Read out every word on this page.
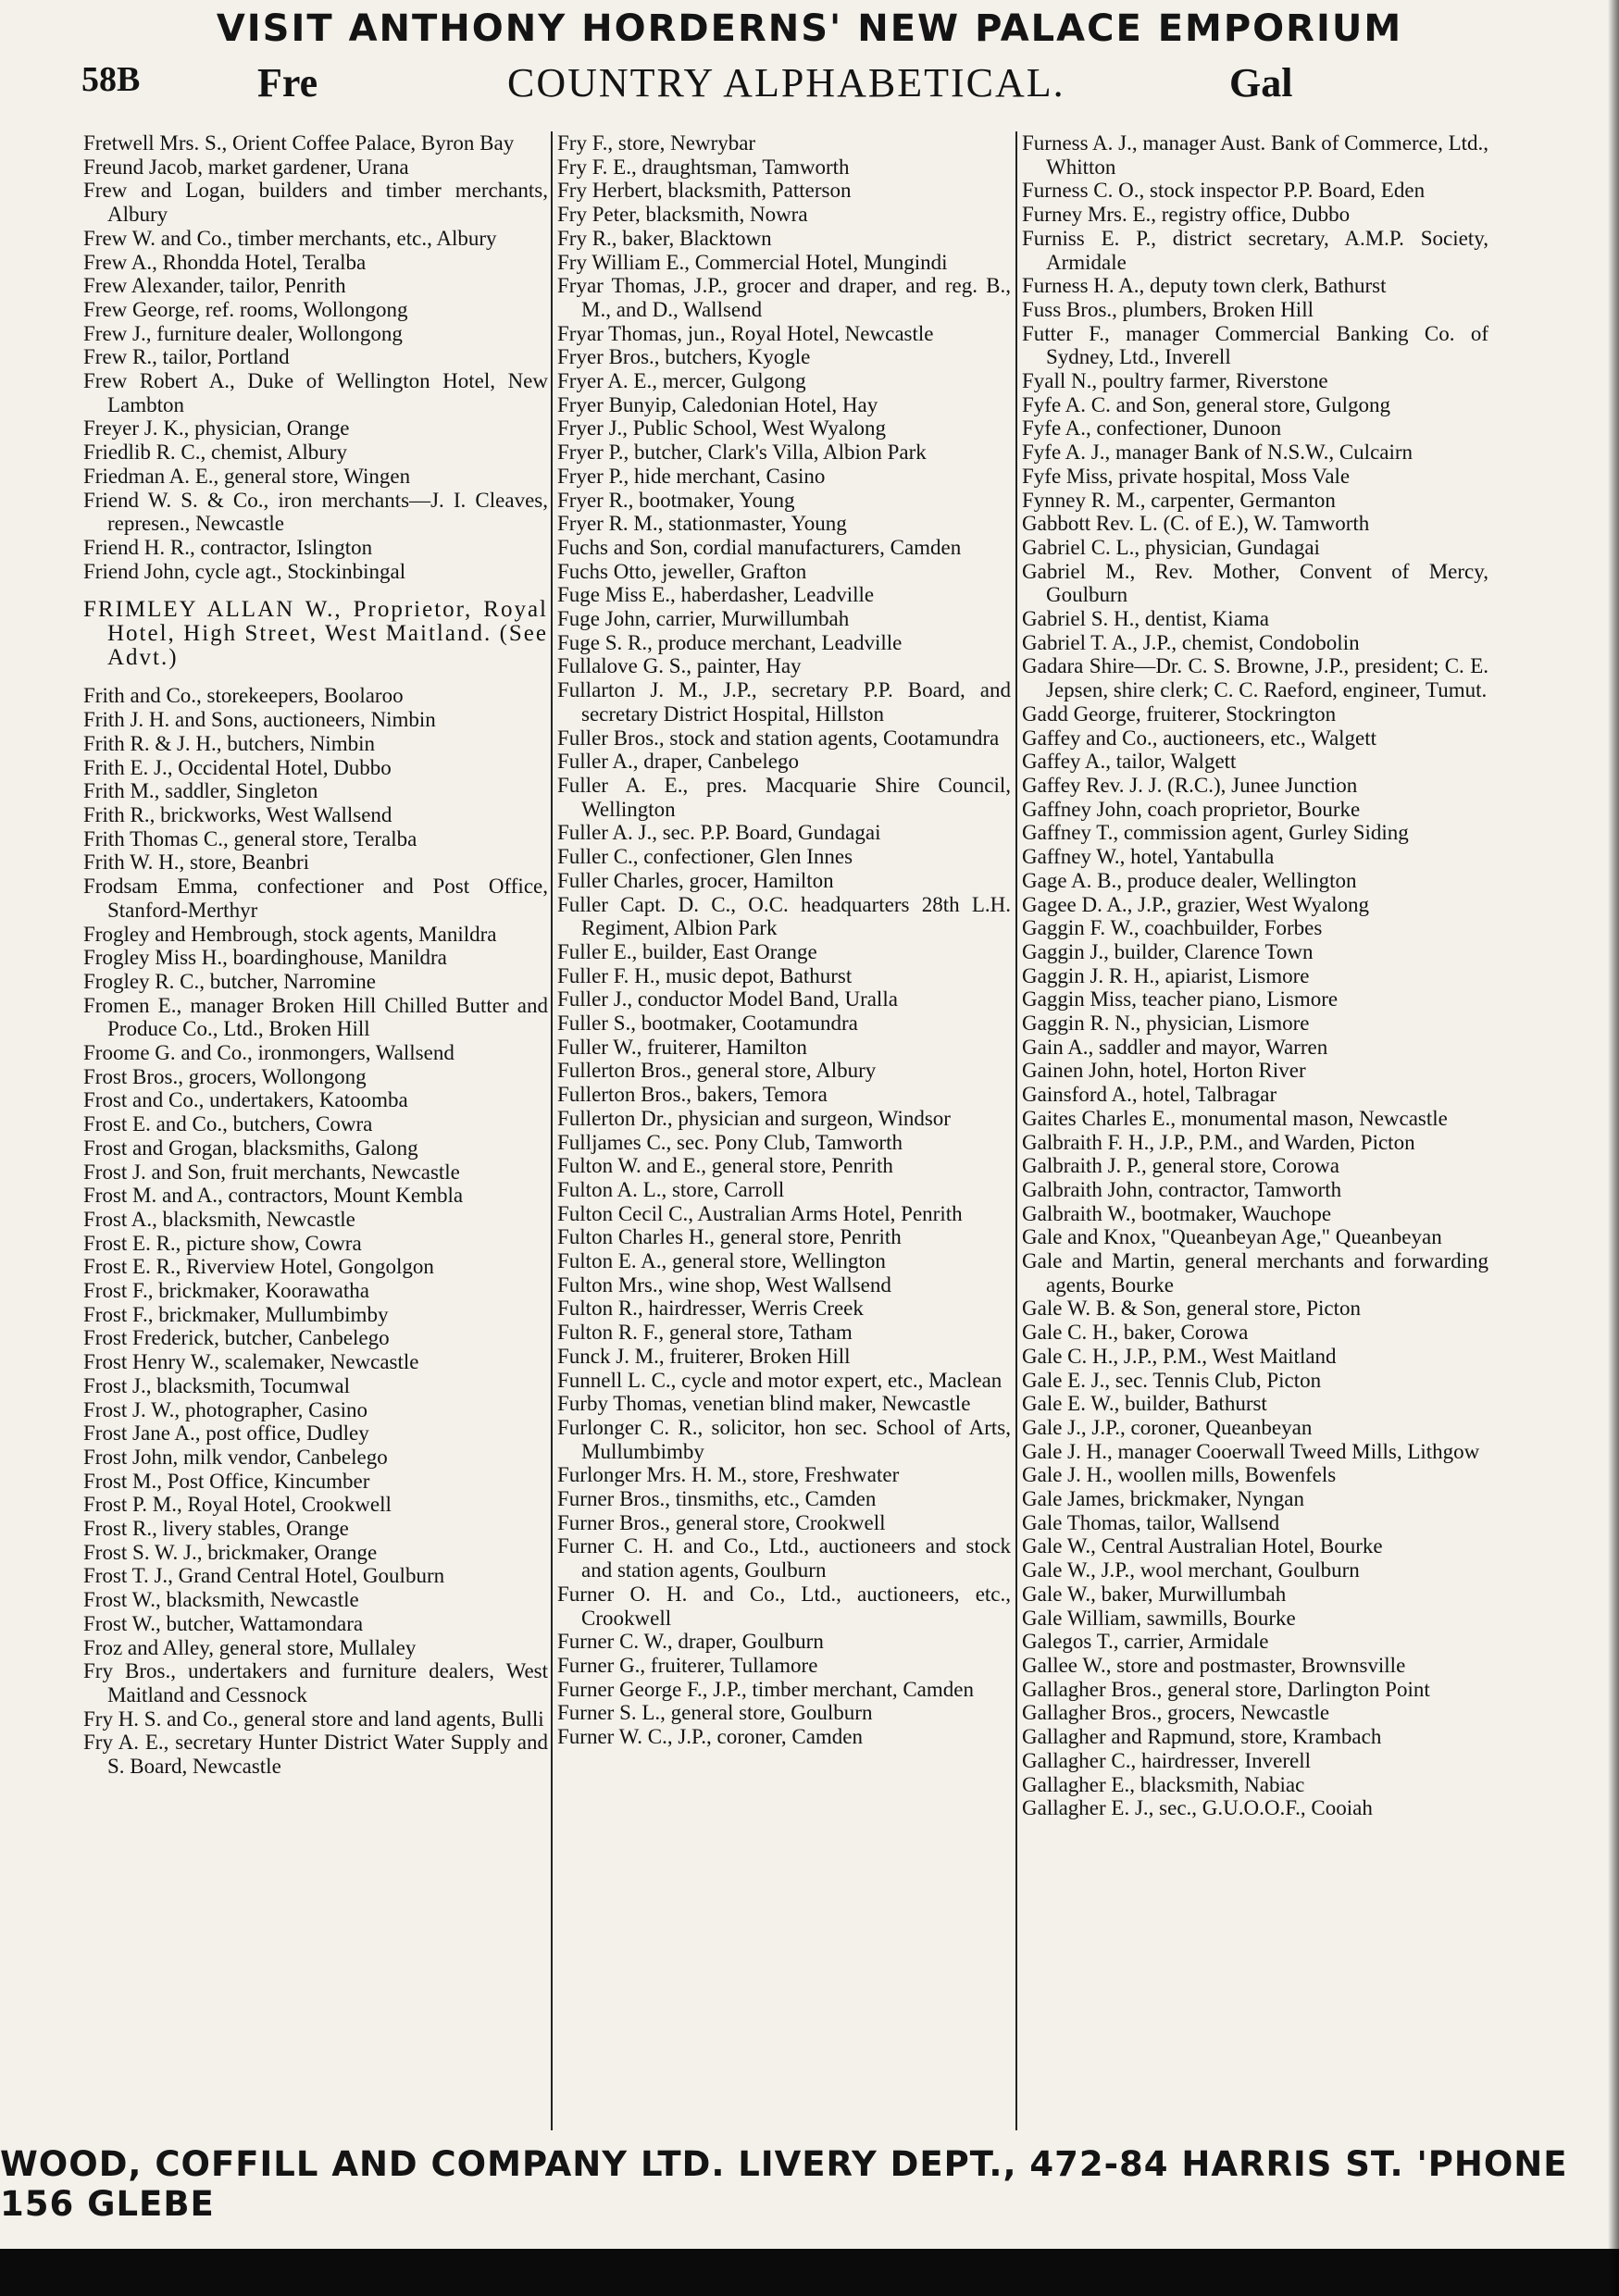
VISIT ANTHONY HORDERNS' NEW PALACE EMPORIUM
58B	Fre	COUNTRY ALPHABETICAL.	Gal

Fretwell Mrs. S., Orient Coffee Palace, Byron Bay

Freund Jacob, market gardener, Urana

Frew and Logan, builders and timber merchants, Albury

Frew W. and Co., timber merchants, etc., Albury

Frew A., Rhondda Hotel, Teralba

Frew Alexander, tailor, Penrith

Frew George, ref. rooms, Wollongong

Frew J., furniture dealer, Wollongong

Frew R., tailor, Portland

Frew Robert A., Duke of Wellington Hotel, New Lambton

Freyer J. K., physician, Orange

Friedlib R. C., chemist, Albury

Friedman A. E., general store, Wingen

Friend W. S. & Co., iron merchants—J. I. Cleaves, represen., Newcastle

Friend H. R., contractor, Islington

Friend John, cycle agt., Stockinbingal

FRIMLEY ALLAN W., Proprietor, Royal Hotel, High Street, West Maitland. (See Advt.)

Frith and Co., storekeepers, Boolaroo

Frith J. H. and Sons, auctioneers, Nimbin

Frith R. & J. H., butchers, Nimbin

Frith E. J., Occidental Hotel, Dubbo

Frith M., saddler, Singleton

Frith R., brickworks, West Wallsend

Frith Thomas C., general store, Teralba

Frith W. H., store, Beanbri

Frodsam Emma, confectioner and Post Office, Stanford-Merthyr

Frogley and Hembrough, stock agents, Manildra

Frogley Miss H., boardinghouse, Manildra

Frogley R. C., butcher, Narromine

Fromen E., manager Broken Hill Chilled Butter and Produce Co., Ltd., Broken Hill

Froome G. and Co., ironmongers, Wallsend

Frost Bros., grocers, Wollongong

Frost and Co., undertakers, Katoomba

Frost E. and Co., butchers, Cowra

Frost and Grogan, blacksmiths, Galong

Frost J. and Son, fruit merchants, Newcastle

Frost M. and A., contractors, Mount Kembla

Frost A., blacksmith, Newcastle

Frost E. R., picture show, Cowra

Frost E. R., Riverview Hotel, Gongolgon

Frost F., brickmaker, Koorawatha

Frost F., brickmaker, Mullumbimby

Frost Frederick, butcher, Canbelego

Frost Henry W., scalemaker, Newcastle

Frost J., blacksmith, Tocumwal

Frost J. W., photographer, Casino

Frost Jane A., post office, Dudley

Frost John, milk vendor, Canbelego

Frost M., Post Office, Kincumber

Frost P. M., Royal Hotel, Crookwell

Frost R., livery stables, Orange

Frost S. W. J., brickmaker, Orange

Frost T. J., Grand Central Hotel, Goulburn

Frost W., blacksmith, Newcastle

Frost W., butcher, Wattamondara

Froz and Alley, general store, Mullaley

Fry Bros., undertakers and furniture dealers, West Maitland and Cessnock

Fry H. S. and Co., general store and land agents, Bulli

Fry A. E., secretary Hunter District Water Supply and S. Board, Newcastle

Fry F., store, Newrybar

Fry F. E., draughtsman, Tamworth

Fry Herbert, blacksmith, Patterson

Fry Peter, blacksmith, Nowra

Fry R., baker, Blacktown

Fry William E., Commercial Hotel, Mungindi

Fryar Thomas, J.P., grocer and draper, and reg. B., M., and D., Wallsend

Fryar Thomas, jun., Royal Hotel, Newcastle

Fryer Bros., butchers, Kyogle

Fryer A. E., mercer, Gulgong

Fryer Bunyip, Caledonian Hotel, Hay

Fryer J., Public School, West Wyalong

Fryer P., butcher, Clark's Villa, Albion Park

Fryer P., hide merchant, Casino

Fryer R., bootmaker, Young

Fryer R. M., stationmaster, Young

Fuchs and Son, cordial manufacturers, Camden

Fuchs Otto, jeweller, Grafton

Fuge Miss E., haberdasher, Leadville

Fuge John, carrier, Murwillumbah

Fuge S. R., produce merchant, Leadville

Fullalove G. S., painter, Hay

Fullarton J. M., J.P., secretary P.P. Board, and secretary District Hospital, Hillston

Fuller Bros., stock and station agents, Cootamundra

Fuller A., draper, Canbelego

Fuller A. E., pres. Macquarie Shire Council, Wellington

Fuller A. J., sec. P.P. Board, Gundagai

Fuller C., confectioner, Glen Innes

Fuller Charles, grocer, Hamilton

Fuller Capt. D. C., O.C. headquarters 28th L.H. Regiment, Albion Park

Fuller E., builder, East Orange

Fuller F. H., music depot, Bathurst

Fuller J., conductor Model Band, Uralla

Fuller S., bootmaker, Cootamundra

Fuller W., fruiterer, Hamilton

Fullerton Bros., general store, Albury

Fullerton Bros., bakers, Temora

Fullerton Dr., physician and surgeon, Windsor

Fulljames C., sec. Pony Club, Tamworth

Fulton W. and E., general store, Penrith

Fulton A. L., store, Carroll

Fulton Cecil C., Australian Arms Hotel, Penrith

Fulton Charles H., general store, Penrith

Fulton E. A., general store, Wellington

Fulton Mrs., wine shop, West Wallsend

Fulton R., hairdresser, Werris Creek

Fulton R. F., general store, Tatham

Funck J. M., fruiterer, Broken Hill

Funnell L. C., cycle and motor expert, etc., Maclean

Furby Thomas, venetian blind maker, Newcastle

Furlonger C. R., solicitor, hon sec. School of Arts, Mullumbimby

Furlonger Mrs. H. M., store, Freshwater

Furner Bros., tinsmiths, etc., Camden

Furner Bros., general store, Crookwell

Furner C. H. and Co., Ltd., auctioneers and stock and station agents, Goulburn

Furner O. H. and Co., Ltd., auctioneers, etc., Crookwell

Furner C. W., draper, Goulburn

Furner G., fruiterer, Tullamore

Furner George F., J.P., timber merchant, Camden

Furner S. L., general store, Goulburn

Furner W. C., J.P., coroner, Camden

Furness A. J., manager Aust. Bank of Commerce, Ltd., Whitton

Furness C. O., stock inspector P.P. Board, Eden

Furney Mrs. E., registry office, Dubbo

Furniss E. P., district secretary, A.M.P. Society, Armidale

Furness H. A., deputy town clerk, Bathurst

Fuss Bros., plumbers, Broken Hill

Futter F., manager Commercial Banking Co. of Sydney, Ltd., Inverell

Fyall N., poultry farmer, Riverstone

Fyfe A. C. and Son, general store, Gulgong

Fyfe A., confectioner, Dunoon

Fyfe A. J., manager Bank of N.S.W., Culcairn

Fyfe Miss, private hospital, Moss Vale

Fynney R. M., carpenter, Germanton

Gabbott Rev. L. (C. of E.), W. Tamworth

Gabriel C. L., physician, Gundagai

Gabriel M., Rev. Mother, Convent of Mercy, Goulburn

Gabriel S. H., dentist, Kiama

Gabriel T. A., J.P., chemist, Condobolin

Gadara Shire—Dr. C. S. Browne, J.P., president; C. E. Jepsen, shire clerk; C. C. Raeford, engineer, Tumut.

Gadd George, fruiterer, Stockrington

Gaffey and Co., auctioneers, etc., Walgett

Gaffey A., tailor, Walgett

Gaffey Rev. J. J. (R.C.), Junee Junction

Gaffney John, coach proprietor, Bourke

Gaffney T., commission agent, Gurley Siding

Gaffney W., hotel, Yantabulla

Gage A. B., produce dealer, Wellington

Gagee D. A., J.P., grazier, West Wyalong

Gaggin F. W., coachbuilder, Forbes

Gaggin J., builder, Clarence Town

Gaggin J. R. H., apiarist, Lismore

Gaggin Miss, teacher piano, Lismore

Gaggin R. N., physician, Lismore

Gain A., saddler and mayor, Warren

Gainen John, hotel, Horton River

Gainsford A., hotel, Talbragar

Gaites Charles E., monumental mason, Newcastle

Galbraith F. H., J.P., P.M., and Warden, Picton

Galbraith J. P., general store, Corowa

Galbraith John, contractor, Tamworth

Galbraith W., bootmaker, Wauchope

Gale and Knox, "Queanbeyan Age," Queanbeyan

Gale and Martin, general merchants and forwarding agents, Bourke

Gale W. B. & Son, general store, Picton

Gale C. H., baker, Corowa

Gale C. H., J.P., P.M., West Maitland

Gale E. J., sec. Tennis Club, Picton

Gale E. W., builder, Bathurst

Gale J., J.P., coroner, Queanbeyan

Gale J. H., manager Cooerwall Tweed Mills, Lithgow

Gale J. H., woollen mills, Bowenfels

Gale James, brickmaker, Nyngan

Gale Thomas, tailor, Wallsend

Gale W., Central Australian Hotel, Bourke

Gale W., J.P., wool merchant, Goulburn

Gale W., baker, Murwillumbah

Gale William, sawmills, Bourke

Galegos T., carrier, Armidale

Gallee W., store and postmaster, Brownsville

Gallagher Bros., general store, Darlington Point

Gallagher Bros., grocers, Newcastle

Gallagher and Rapmund, store, Krambach

Gallagher C., hairdresser, Inverell

Gallagher E., blacksmith, Nabiac

Gallagher E. J., sec., G.U.O.O.F., Cooiah

WOOD, COFFILL AND COMPANY LTD. LIVERY DEPT., 472-84 HARRIS ST. 'PHONE 156 GLEBE
